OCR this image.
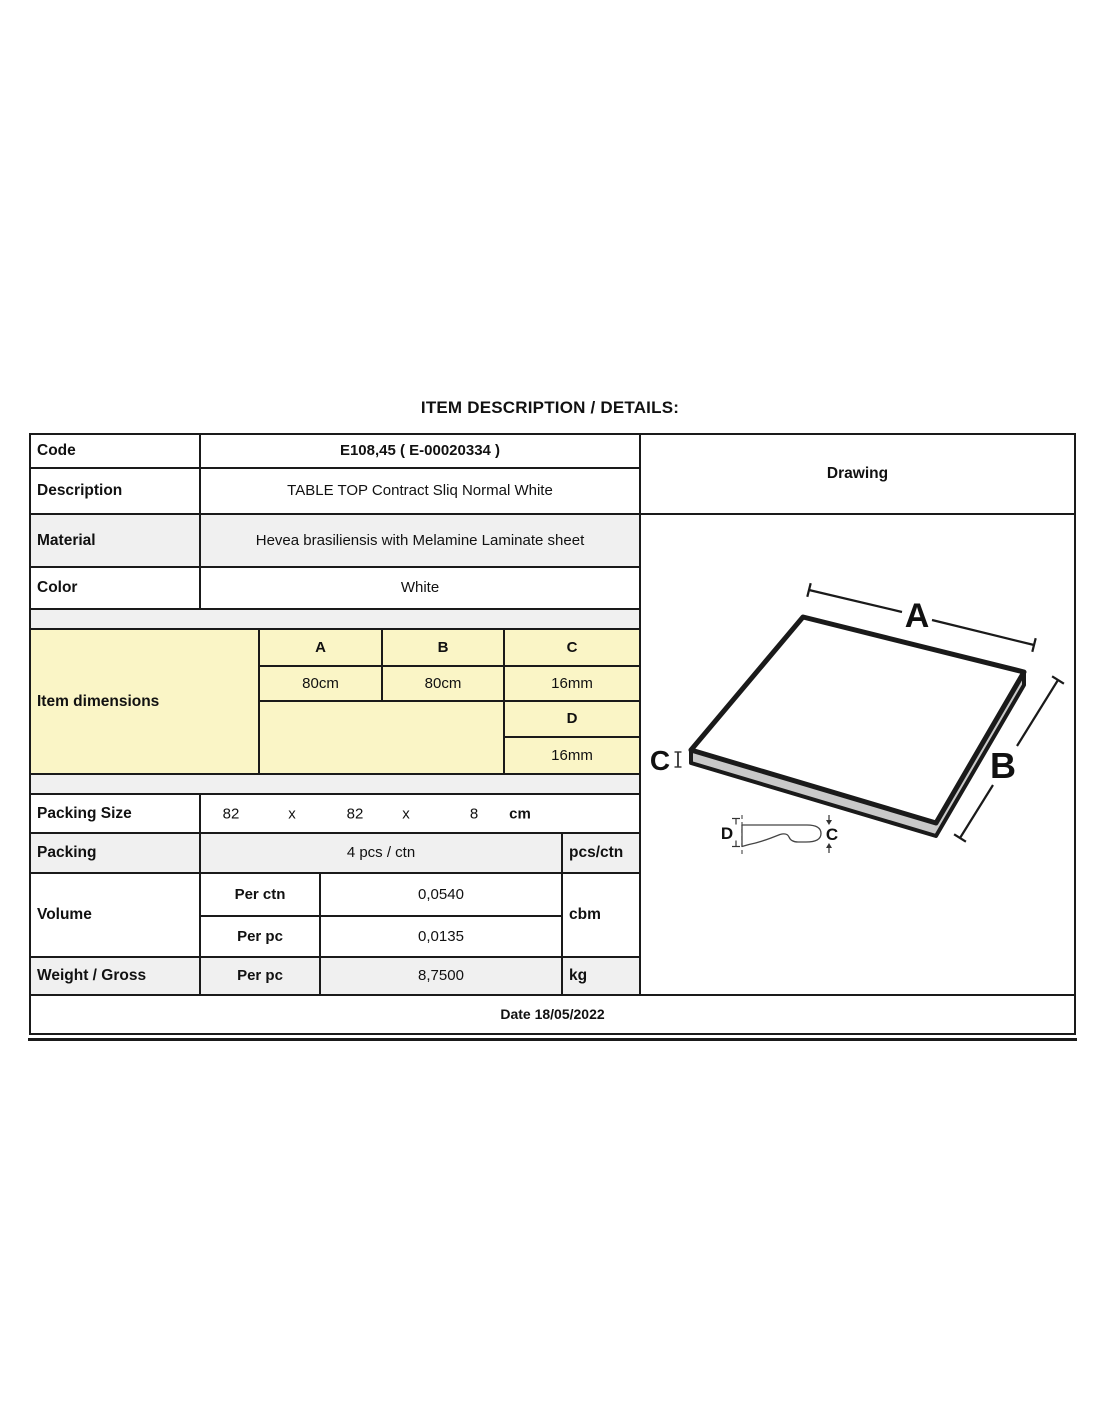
ITEM DESCRIPTION / DETAILS:
Code	E108,45 ( E-00020334 )
Drawing
Description	TABLE TOP Contract Sliq Normal White
Material	Hevea brasiliensis with Melamine Laminate sheet
A
B
C
D	C
Color	White
Item dimensions
A	B	C
80cm	80cm	16mm
D
16mm
Packing Size	82	x	82	x	8 cm
Packing	4 pcs / ctn	pcs/ctn
Volume
Per ctn	0,0540
Per pc	0,0135
cbm
Weight / Gross	Per pc	8,7500	kg
Date 18/05/2022
